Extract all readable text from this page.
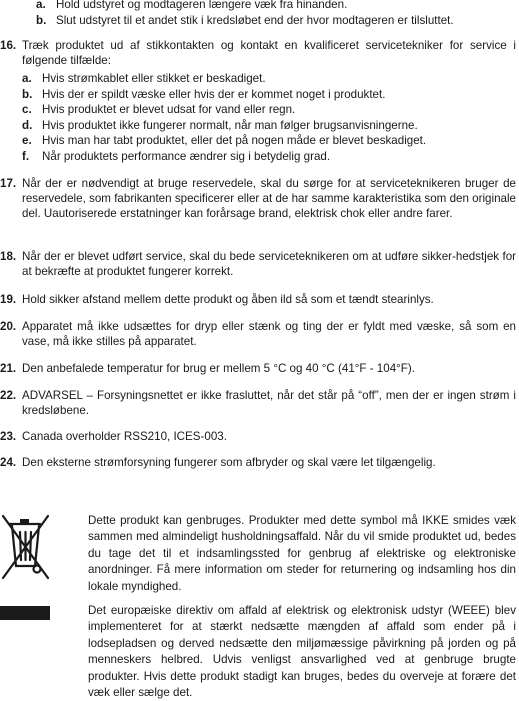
a. Hold udstyret og modtageren længere væk fra hinanden.
b. Slut udstyret til et andet stik i kredsløbet end der hvor modtageren er tilsluttet.
16. Træk produktet ud af stikkontakten og kontakt en kvalificeret servicetekniker for service i følgende tilfælde:
a. Hvis strømkablet eller stikket er beskadiget.
b. Hvis der er spildt væske eller hvis der er kommet noget i produktet.
c. Hvis produktet er blevet udsat for vand eller regn.
d. Hvis produktet ikke fungerer normalt, når man følger brugsanvisningerne.
e. Hvis man har tabt produktet, eller det på nogen måde er blevet beskadiget.
f. Når produktets performance ændrer sig i betydelig grad.
17. Når der er nødvendigt at bruge reservedele, skal du sørge for at serviceteknikeren bruger de reservedele, som fabrikanten specificerer eller at de har samme karakteristika som den originale del. Uautoriserede erstatninger kan forårsage brand, elektrisk chok eller andre farer.
18. Når der er blevet udført service, skal du bede serviceteknikeren om at udføre sikker-hedstjek for at bekræfte at produktet fungerer korrekt.
19. Hold sikker afstand mellem dette produkt og åben ild så som et tændt stearinlys.
20. Apparatet må ikke udsættes for dryp eller stænk og ting der er fyldt med væske, så som en vase, må ikke stilles på apparatet.
21. Den anbefalede temperatur for brug er mellem 5 °C og 40 °C (41°F - 104°F).
22. ADVARSEL – Forsyningsnettet er ikke frasluttet, når det står på “off”, men der er ingen strøm i kredsløbene.
23. Canada overholder RSS210, ICES-003.
24. Den eksterne strømforsyning fungerer som afbryder og skal være let tilgængelig.
Dette produkt kan genbruges. Produkter med dette symbol må IKKE smides væk sammen med almindeligt husholdningsaffald. Når du vil smide produktet ud, bedes du tage det til et indsamlingssted for genbrug af elektriske og elektroniske anordninger. Få mere information om steder for returnering og indsamling hos din lokale myndighed.
Det europæiske direktiv om affald af elektrisk og elektronisk udstyr (WEEE) blev implementeret for at stærkt nedsætte mængden af affald som ender på i lodsepladsen og derved nedsætte den miljømæssige påvirkning på jorden og på menneskers helbred. Udvis venligst ansvarlighed ved at genbruge brugte produkter. Hvis dette produkt stadigt kan bruges, bedes du overveje at forære det væk eller sælge det.
